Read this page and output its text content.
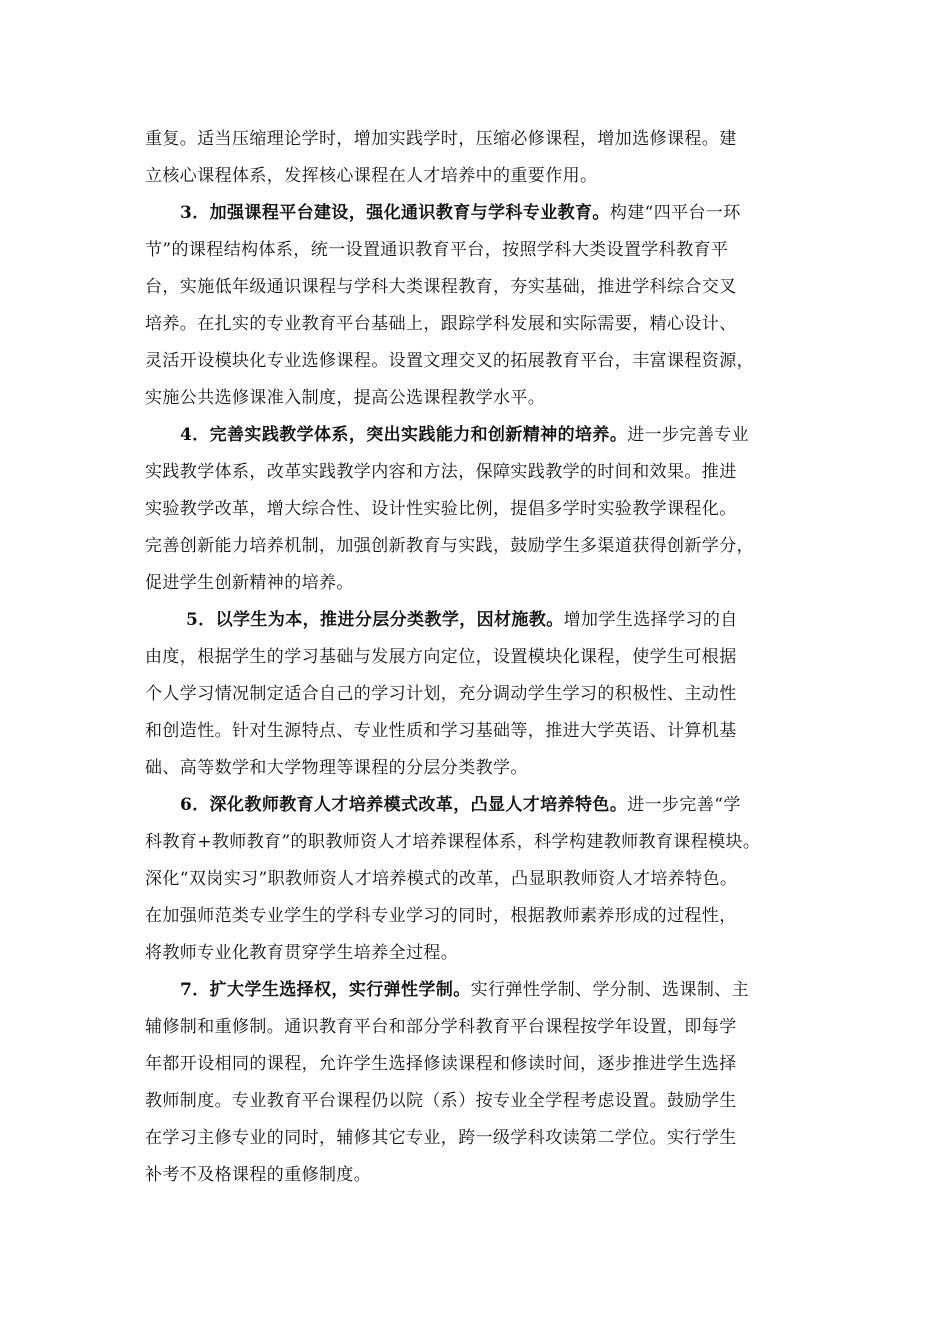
重复。适当压缩理论学时，增加实践学时，压缩必修课程，增加选修课程。建
立核心课程体系，发挥核心课程在人才培养中的重要作用。
3．加强课程平台建设，强化通识教育与学科专业教育。构建“四平台一环
节”的课程结构体系，统一设置通识教育平台，按照学科大类设置学科教育平
台，实施低年级通识课程与学科大类课程教育，夯实基础，推进学科综合交叉
培养。在扎实的专业教育平台基础上，跟踪学科发展和实际需要，精心设计、
灵活开设模块化专业选修课程。设置文理交叉的拓展教育平台，丰富课程资源，
实施公共选修课准入制度，提高公选课程教学水平。
4．完善实践教学体系，突出实践能力和创新精神的培养。进一步完善专业
实践教学体系，改革实践教学内容和方法，保障实践教学的时间和效果。推进
实验教学改革，增大综合性、设计性实验比例，提倡多学时实验教学课程化。
完善创新能力培养机制，加强创新教育与实践，鼓励学生多渠道获得创新学分，
促进学生创新精神的培养。
5．以学生为本，推进分层分类教学，因材施教。增加学生选择学习的自
由度，根据学生的学习基础与发展方向定位，设置模块化课程，使学生可根据
个人学习情况制定适合自己的学习计划，充分调动学生学习的积极性、主动性
和创造性。针对生源特点、专业性质和学习基础等，推进大学英语、计算机基
础、高等数学和大学物理等课程的分层分类教学。
6．深化教师教育人才培养模式改革，凸显人才培养特色。进一步完善“学
科教育+教师教育”的职教师资人才培养课程体系，科学构建教师教育课程模块。
深化“双岗实习”职教师资人才培养模式的改革，凸显职教师资人才培养特色。
在加强师范类专业学生的学科专业学习的同时，根据教师素养形成的过程性，
将教师专业化教育贯穿学生培养全过程。
7．扩大学生选择权，实行弹性学制。实行弹性学制、学分制、选课制、主
辅修制和重修制。通识教育平台和部分学科教育平台课程按学年设置，即每学
年都开设相同的课程，允许学生选择修读课程和修读时间，逐步推进学生选择
教师制度。专业教育平台课程仍以院（系）按专业全学程考虑设置。鼓励学生
在学习主修专业的同时，辅修其它专业，跨一级学科攻读第二学位。实行学生
补考不及格课程的重修制度。
